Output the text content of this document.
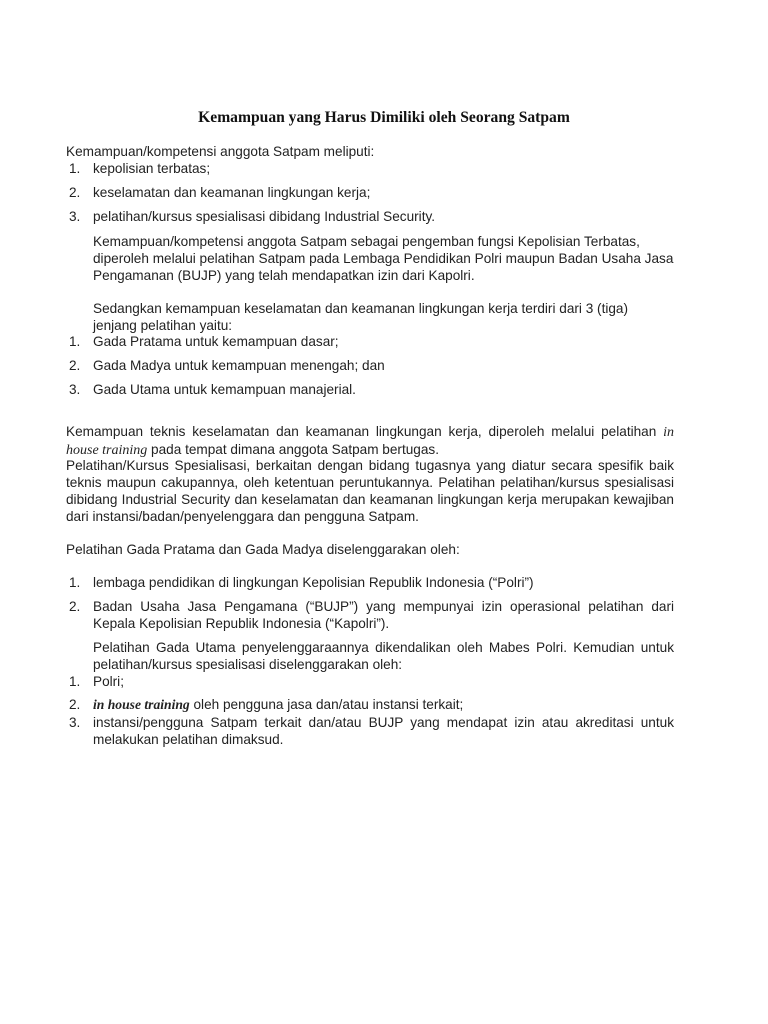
Kemampuan yang Harus Dimiliki oleh Seorang Satpam
Kemampuan/kompetensi anggota Satpam meliputi:
1. kepolisian terbatas;
2. keselamatan dan keamanan lingkungan kerja;
3. pelatihan/kursus spesialisasi dibidang Industrial Security.
Kemampuan/kompetensi anggota Satpam sebagai pengemban fungsi Kepolisian Terbatas, diperoleh melalui pelatihan Satpam pada Lembaga Pendidikan Polri maupun Badan Usaha Jasa Pengamanan (BUJP) yang telah mendapatkan izin dari Kapolri.
Sedangkan kemampuan keselamatan dan keamanan lingkungan kerja terdiri dari 3 (tiga) jenjang pelatihan yaitu:
1. Gada Pratama untuk kemampuan dasar;
2. Gada Madya untuk kemampuan menengah; dan
3. Gada Utama untuk kemampuan manajerial.
Kemampuan teknis keselamatan dan keamanan lingkungan kerja, diperoleh melalui pelatihan in house training pada tempat dimana anggota Satpam bertugas.
Pelatihan/Kursus Spesialisasi, berkaitan dengan bidang tugasnya yang diatur secara spesifik baik teknis maupun cakupannya, oleh ketentuan peruntukannya. Pelatihan pelatihan/kursus spesialisasi dibidang Industrial Security dan keselamatan dan keamanan lingkungan kerja merupakan kewajiban dari instansi/badan/penyelenggara dan pengguna Satpam.
Pelatihan Gada Pratama dan Gada Madya diselenggarakan oleh:
1. lembaga pendidikan di lingkungan Kepolisian Republik Indonesia (“Polri”)
2. Badan Usaha Jasa Pengamana (“BUJP”) yang mempunyai izin operasional pelatihan dari Kepala Kepolisian Republik Indonesia (“Kapolri”).
Pelatihan Gada Utama penyelenggaraannya dikendalikan oleh Mabes Polri. Kemudian untuk pelatihan/kursus spesialisasi diselenggarakan oleh:
1. Polri;
2. in house training oleh pengguna jasa dan/atau instansi terkait;
3. instansi/pengguna Satpam terkait dan/atau BUJP yang mendapat izin atau akreditasi untuk melakukan pelatihan dimaksud.
